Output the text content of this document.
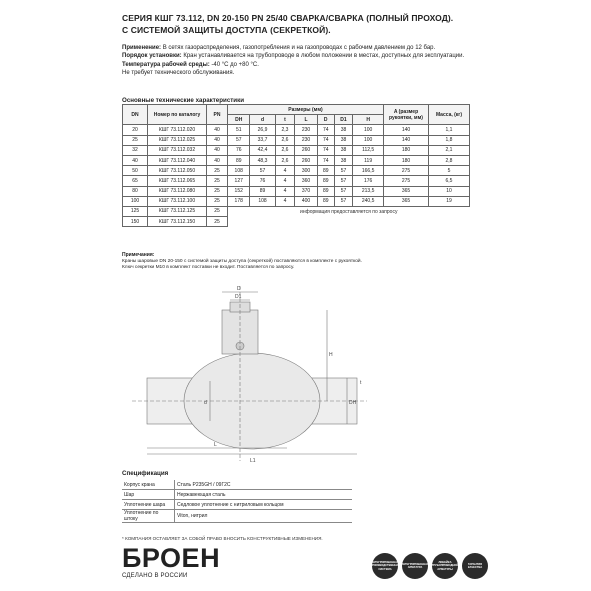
СЕРИЯ КШГ 73.112, DN 20-150 PN 25/40 СВАРКА/СВАРКА (ПОЛНЫЙ ПРОХОД).
С СИСТЕМОЙ ЗАЩИТЫ ДОСТУПА (СЕКРЕТКОЙ).
Применение: В сетях газораспределения, газопотребления и на газопроводах с рабочим давлением до 12 бар.
Порядок установки: Кран устанавливается на трубопроводе в любом положении в местах, доступных для эксплуатации.
Температура рабочей среды: -40 °С до +80 °С.
Не требует технического обслуживания.
Основные технические характеристики
DN	Номер по каталогу	PN	Размеры (мм)							A (размер рукоятки, мм)	Масса, (кг)
			DH	d	t	L	D	D1	H		
20	КШГ 73.112.020	40	51	26,9	2,3	230	74	38	100	140	1,1
25	КШГ 73.112.025	40	57	33,7	2,6	230	74	38	100	140	1,8
32	КШГ 73.112.032	40	76	42,4	2,6	260	74	38	112,5	180	2,1
40	КШГ 73.112.040	40	89	48,3	2,6	260	74	38	119	180	2,8
50	КШГ 73.112.050	25	108	57	4	300	89	57	166,5	275	5
65	КШГ 73.112.065	25	127	76	4	360	89	57	176	275	6,5
80	КШГ 73.112.080	25	152	89	4	370	89	57	213,5	365	10
100	КШГ 73.112.100	25	178	108	4	400	89	57	240,5	365	19
125	КШГ 73.112.125	25	информация предоставляется по запросу								
150	КШГ 73.112.150	25									
Примечания:
Краны шаровые DN 20-150 с системой защиты доступа (секреткой) поставляются в комплекте с рукояткой.
Ключ секретки М10 в комплект поставки не входит. Поставляется по запросу.
D
D1
H
DH
d
L
L1
t
Спецификация
Корпус крана	Сталь P235GH / 09Г2С
Шар	Нержавеющая сталь
Уплотнение шара	Седловое уплотнение с нитриловым кольцом
Уплотнение по штоку	Viton, нитрил
* КОМПАНИЯ ОСТАВЛЯЕТ ЗА СОБОЙ ПРАВО ВНОСИТЬ КОНСТРУКТИВНЫЕ ИЗМЕНЕНИЯ.
БРОЕН
СДЕЛАНО В РОССИИ
ИНТЕГРИРОВАННАЯ ПРОИЗВОДСТВЕННАЯ СИСТЕМА
ИНТЕГРИРОВАННАЯ АРМАТУРА
ЛИНЕЙКА ТРУБОПРОВОДНОЙ АРМАТУРЫ
ГАРАНТИЯ КАЧЕСТВА
